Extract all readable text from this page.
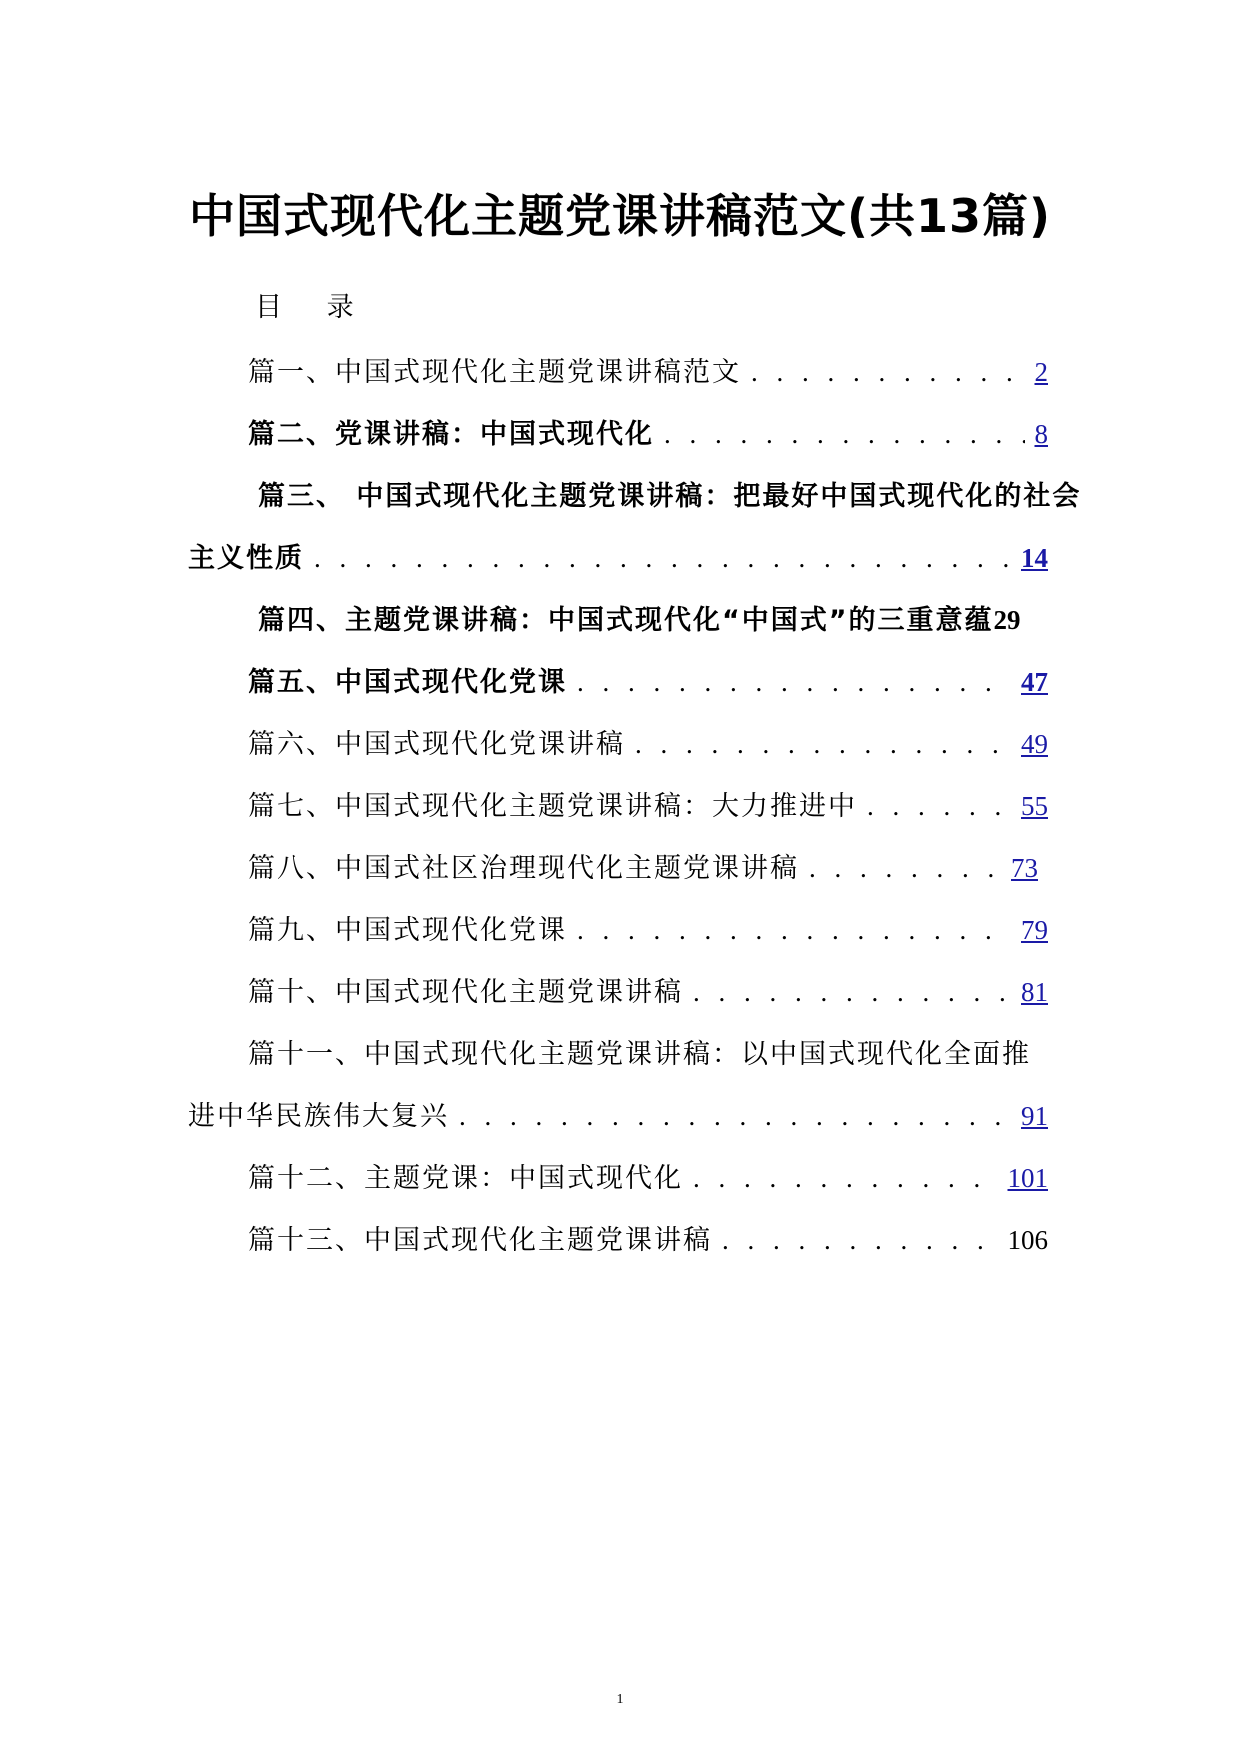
中国式现代化主题党课讲稿范文(共13篇)
目 录
篇一、中国式现代化主题党课讲稿范文 . . .	2
篇二、党课讲稿：中国式现代化 . . .	8
篇三、 中国式现代化主题党课讲稿：把最好中国式现代化的社会
主义性质 . . .	14
篇四、主题党课讲稿：中国式现代化“中国式”的三重意蕴 29
篇五、中国式现代化党课 . . .	47
篇六、中国式现代化党课讲稿 . . .	49
篇七、中国式现代化主题党课讲稿：大力推进中 . . .	55
篇八、中国式社区治理现代化主题党课讲稿 . . .	73
篇九、中国式现代化党课 . . .	79
篇十、中国式现代化主题党课讲稿 . . .	81
篇十一、中国式现代化主题党课讲稿：以中国式现代化全面推
进中华民族伟大复兴 . . .	91
篇十二、主题党课：中国式现代化 . . .	101
篇十三、中国式现代化主题党课讲稿 . . .	106
1
